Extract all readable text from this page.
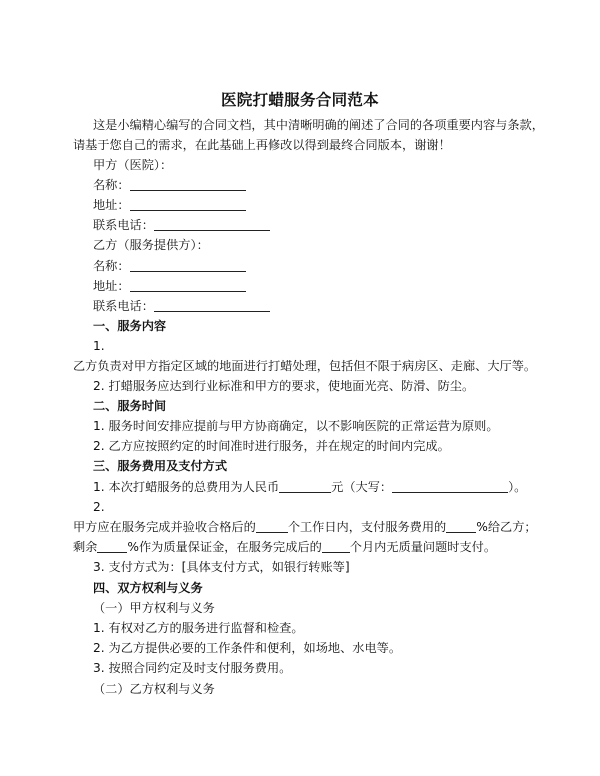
医院打蜡服务合同范本
这是小编精心编写的合同文档，其中清晰明确的阐述了合同的各项重要内容与条款，
请基于您自己的需求，在此基础上再修改以得到最终合同版本，谢谢！
甲方（医院）：
名称：
地址：
联系电话：
乙方（服务提供方）：
名称：
地址：
联系电话：
一、服务内容
1.
乙方负责对甲方指定区域的地面进行打蜡处理，包括但不限于病房区、走廊、大厅等。
2. 打蜡服务应达到行业标准和甲方的要求，使地面光亮、防滑、防尘。
二、服务时间
1. 服务时间安排应提前与甲方协商确定，以不影响医院的正常运营为原则。
2. 乙方应按照约定的时间准时进行服务，并在规定的时间内完成。
三、服务费用及支付方式
1. 本次打蜡服务的总费用为人民币	元（大写：	）。
2.
甲方应在服务完成并验收合格后的	个工作日内，支付服务费用的 %给乙方；
剩余 %作为质量保证金，在服务完成后的 个月内无质量问题时支付。
3. 支付方式为：[具体支付方式，如银行转账等]
四、双方权利与义务
（一）甲方权利与义务
1. 有权对乙方的服务进行监督和检查。
2. 为乙方提供必要的工作条件和便利，如场地、水电等。
3. 按照合同约定及时支付服务费用。
（二）乙方权利与义务
